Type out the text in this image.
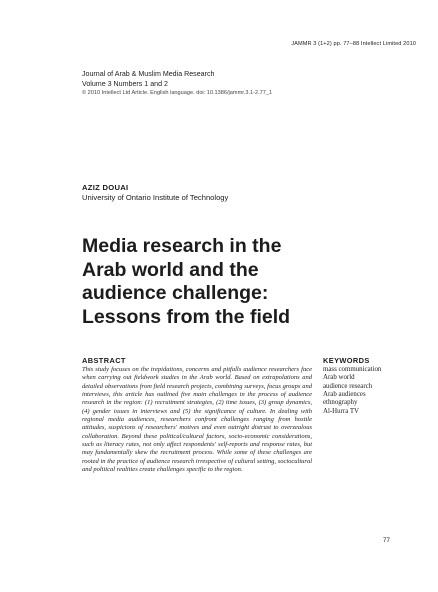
JAMMR 3 (1+2) pp. 77–88 Intellect Limited 2010
Journal of Arab & Muslim Media Research
Volume 3 Numbers 1 and 2
© 2010 Intellect Ltd Article. English language. doi: 10.1386/jammr.3.1-2.77_1
AZIZ DOUAI
University of Ontario Institute of Technology
Media research in the Arab world and the audience challenge: Lessons from the field
ABSTRACT

This study focuses on the trepidations, concerns and pitfalls audience researchers face when carrying out fieldwork studies in the Arab world. Based on extrapolations and detailed observations from field research projects, combining surveys, focus groups and interviews, this article has outlined five main challenges in the process of audience research in the region: (1) recruitment strategies, (2) time issues, (3) group dynamics, (4) gender issues in interviews and (5) the significance of culture. In dealing with regional media audiences, researchers confront challenges ranging from hostile attitudes, suspicions of researchers' motives and even outright distrust to overzealous collaboration. Beyond these political/cultural factors, socio-economic considerations, such as literacy rates, not only affect respondents' self-reports and response rates, but may fundamentally skew the recruitment process. While some of these challenges are rooted in the practice of audience research irrespective of cultural setting, sociocultural and political realities create challenges specific to the region.

KEYWORDS
mass communication
Arab world
audience research
Arab audiences
ethnography
Al-Hurra TV
77
